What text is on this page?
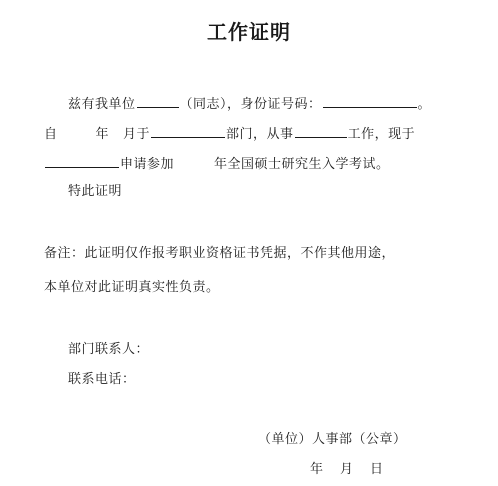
工作证明
兹有我单位	（同志），身份证号码：	。
自	年 月于	部门，从事	工作，现于
申请参加	年全国硕士研究生入学考试。
特此证明
备注：此证明仅作报考职业资格证书凭据，不作其他用途，
本单位对此证明真实性负责。
部门联系人：
联系电话：
（单位）人事部（公章）
年　月　日
